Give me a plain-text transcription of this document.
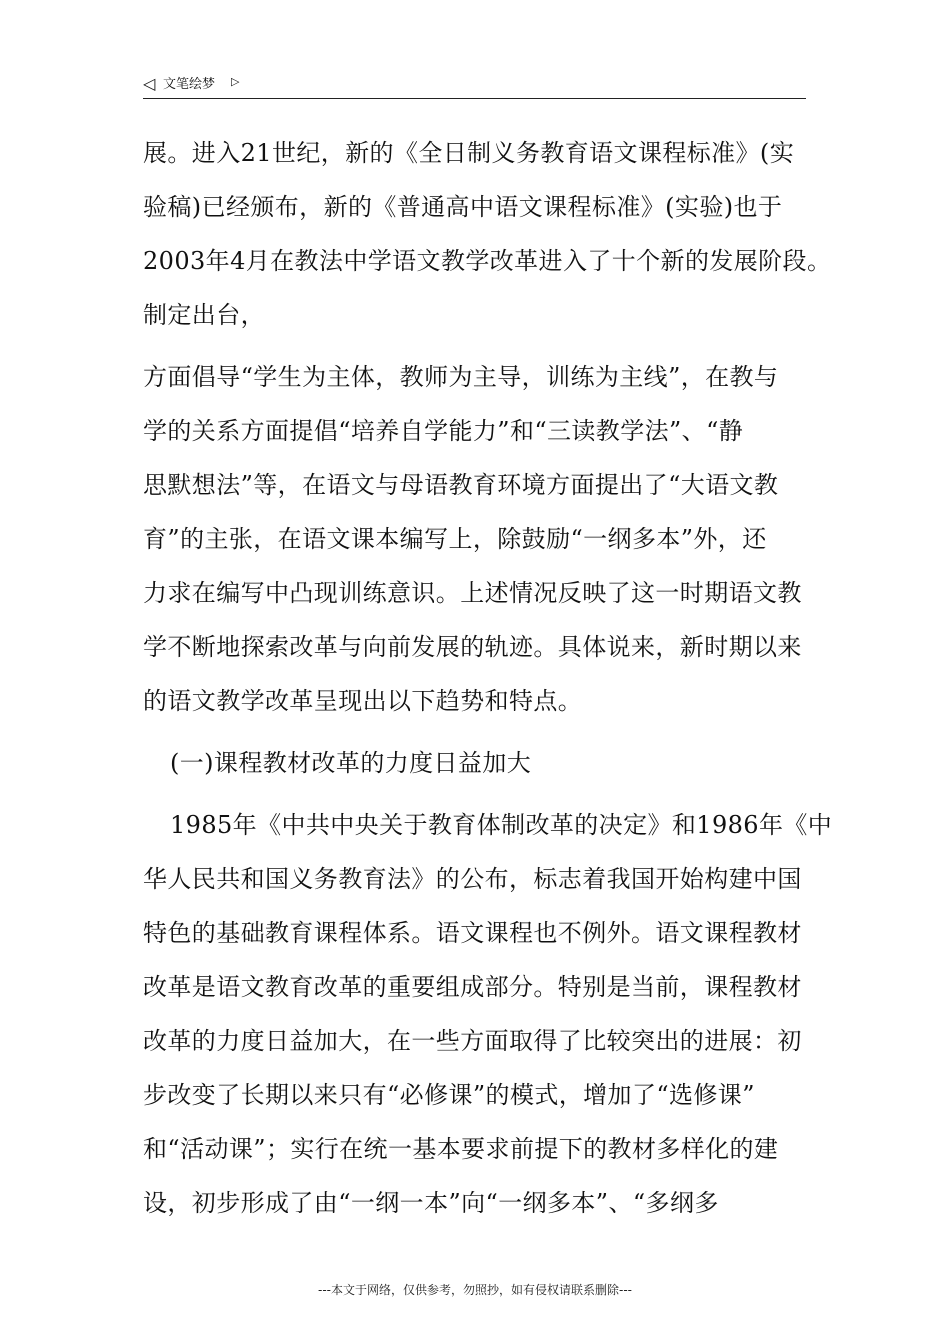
◁ 文笔绘梦 ▷
展。进入21世纪，新的《全日制义务教育语文课程标准》(实
验稿)已经颁布，新的《普通高中语文课程标准》(实验)也于
2003年4月在教法中学语文教学改革进入了十个新的发展阶段。
制定出台，
方面倡导“学生为主体，教师为主导，训练为主线”，在教与
学的关系方面提倡“培养自学能力”和“三读教学法”、“静
思默想法”等，在语文与母语教育环境方面提出了“大语文教
育”的主张，在语文课本编写上，除鼓励“一纲多本”外，还
力求在编写中凸现训练意识。上述情况反映了这一时期语文教
学不断地探索改革与向前发展的轨迹。具体说来，新时期以来
的语文教学改革呈现出以下趋势和特点。
(一)课程教材改革的力度日益加大
1985年《中共中央关于教育体制改革的决定》和1986年《中
华人民共和国义务教育法》的公布，标志着我国开始构建中国
特色的基础教育课程体系。语文课程也不例外。语文课程教材
改革是语文教育改革的重要组成部分。特别是当前，课程教材
改革的力度日益加大，在一些方面取得了比较突出的进展：初
步改变了长期以来只有“必修课”的模式，增加了“选修课”
和“活动课”；实行在统一基本要求前提下的教材多样化的建
设，初步形成了由“一纲一本”向“一纲多本”、“多纲多
---本文于网络，仅供参考，勿照抄，如有侵权请联系删除---
